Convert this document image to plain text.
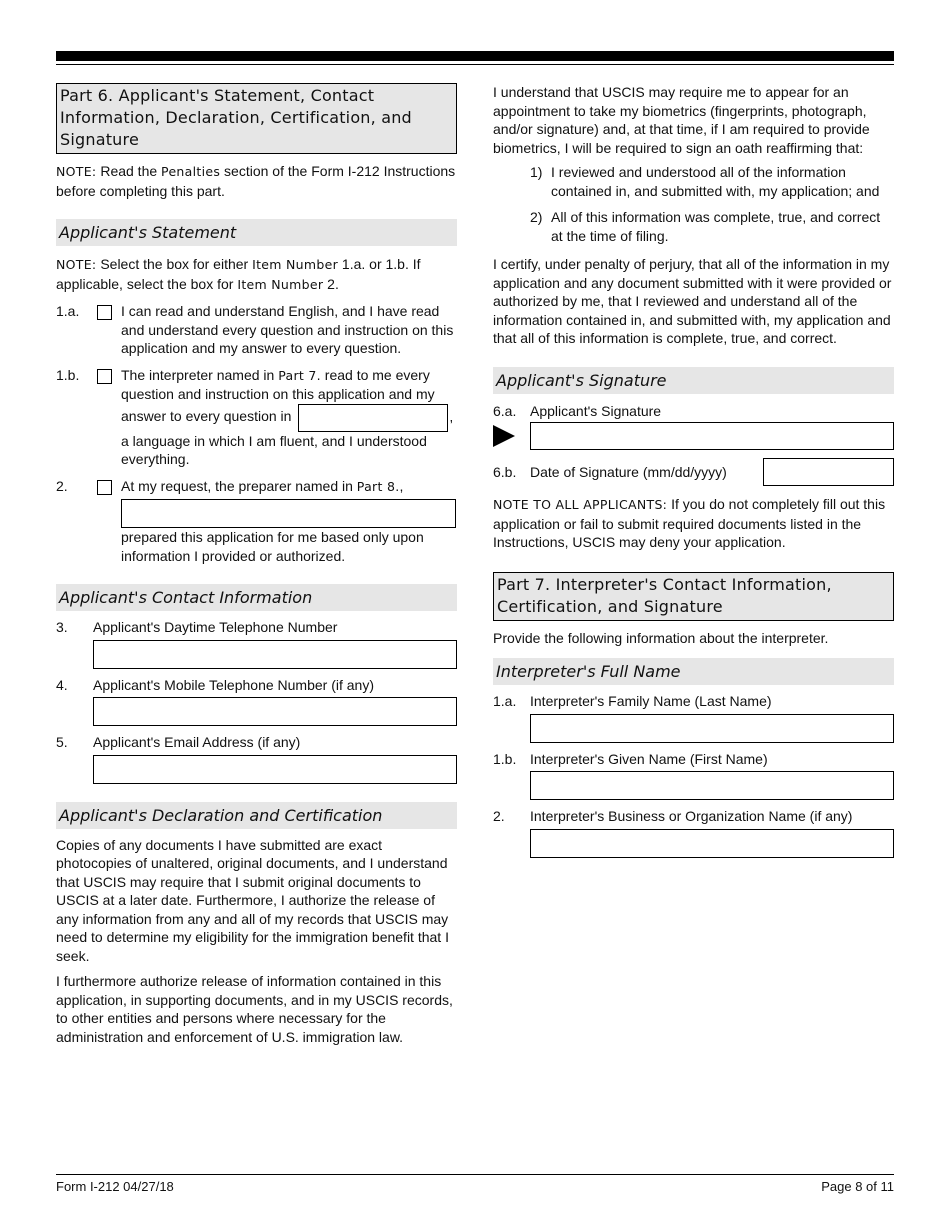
Part 6. Applicant's Statement, Contact Information, Declaration, Certification, and Signature

NOTE: Read the Penalties section of the Form I-212 Instructions before completing this part.

Applicant's Statement

NOTE: Select the box for either Item Number 1.a. or 1.b. If applicable, select the box for Item Number 2.

1.a.	I can read and understand English, and I have read and understand every question and instruction on this application and my answer to every question.
1.b.	The interpreter named in Part 7. read to me every question and instruction on this application and my answer to every question in	,
a language in which I am fluent, and I understood everything.
2.	At my request, the preparer named in Part 8.,
prepared this application for me based only upon information I provided or authorized.
Applicant's Contact Information
3.	Applicant's Daytime Telephone Number
4.	Applicant's Mobile Telephone Number (if any)
5.	Applicant's Email Address (if any)
Applicant's Declaration and Certification

Copies of any documents I have submitted are exact photocopies of unaltered, original documents, and I understand that USCIS may require that I submit original documents to USCIS at a later date. Furthermore, I authorize the release of any information from any and all of my records that USCIS may need to determine my eligibility for the immigration benefit that I seek.

I furthermore authorize release of information contained in this application, in supporting documents, and in my USCIS records, to other entities and persons where necessary for the administration and enforcement of U.S. immigration law.

I understand that USCIS may require me to appear for an appointment to take my biometrics (fingerprints, photograph, and/or signature) and, at that time, if I am required to provide biometrics, I will be required to sign an oath reaffirming that:

1) I reviewed and understood all of the information contained in, and submitted with, my application; and
2) All of this information was complete, true, and correct at the time of filing.

I certify, under penalty of perjury, that all of the information in my application and any document submitted with it were provided or authorized by me, that I reviewed and understand all of the information contained in, and submitted with, my application and that all of this information is complete, true, and correct.

Applicant's Signature
6.a. Applicant's Signature
6.b. Date of Signature (mm/dd/yyyy)

NOTE TO ALL APPLICANTS: If you do not completely fill out this application or fail to submit required documents listed in the Instructions, USCIS may deny your application.

Part 7. Interpreter's Contact Information, Certification, and Signature

Provide the following information about the interpreter.

Interpreter's Full Name
1.a. Interpreter's Family Name (Last Name)
1.b. Interpreter's Given Name (First Name)
2.	Interpreter's Business or Organization Name (if any)
Form I-212 04/27/18	Page 8 of 11
